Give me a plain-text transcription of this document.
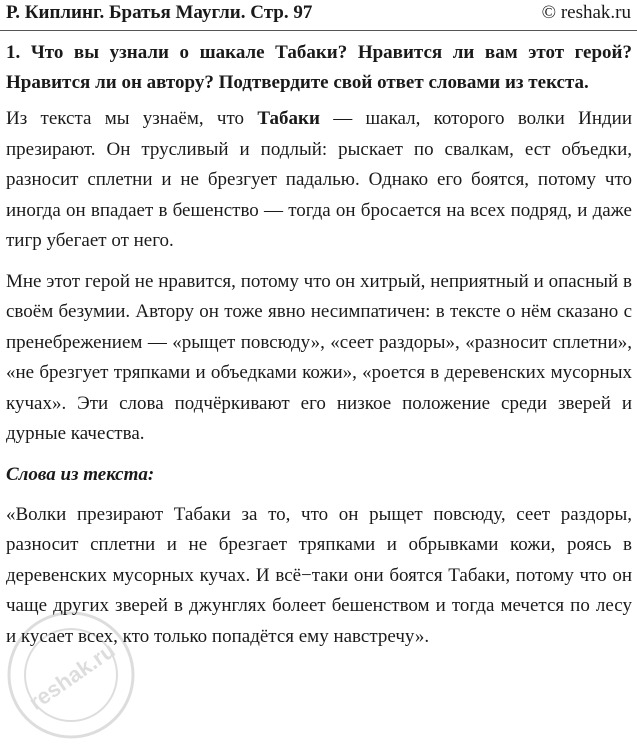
Р. Киплинг. Братья Маугли. Стр. 97	© reshak.ru

1. Что вы узнали о шакале Табаки? Нравится ли вам этот герой? Нравится ли он автору? Подтвердите свой ответ словами из текста.

Из текста мы узнаём, что Табаки — шакал, которого волки Индии презирают. Он трусливый и подлый: рыскает по свалкам, ест объедки, разносит сплетни и не брезгует падалью. Однако его боятся, потому что иногда он впадает в бешенство — тогда он бросается на всех подряд, и даже тигр убегает от него.

Мне этот герой не нравится, потому что он хитрый, неприятный и опасный в своём безумии. Автору он тоже явно несимпатичен: в тексте о нём сказано с пренебрежением — «рыщет повсюду», «сеет раздоры», «разносит сплетни», «не брезгует тряпками и объедками кожи», «роется в деревенских мусорных кучах». Эти слова подчёркивают его низкое положение среди зверей и дурные качества.

Слова из текста:

«Волки презирают Табаки за то, что он рыщет повсюду, сеет раздоры, разносит сплетни и не брезгает тряпками и обрывками кожи, роясь в деревенских мусорных кучах. И всё−таки они боятся Табаки, потому что он чаще других зверей в джунглях болеет бешенством и тогда мечется по лесу и кусает всех, кто только попадётся ему навстречу».

reshak.ru
